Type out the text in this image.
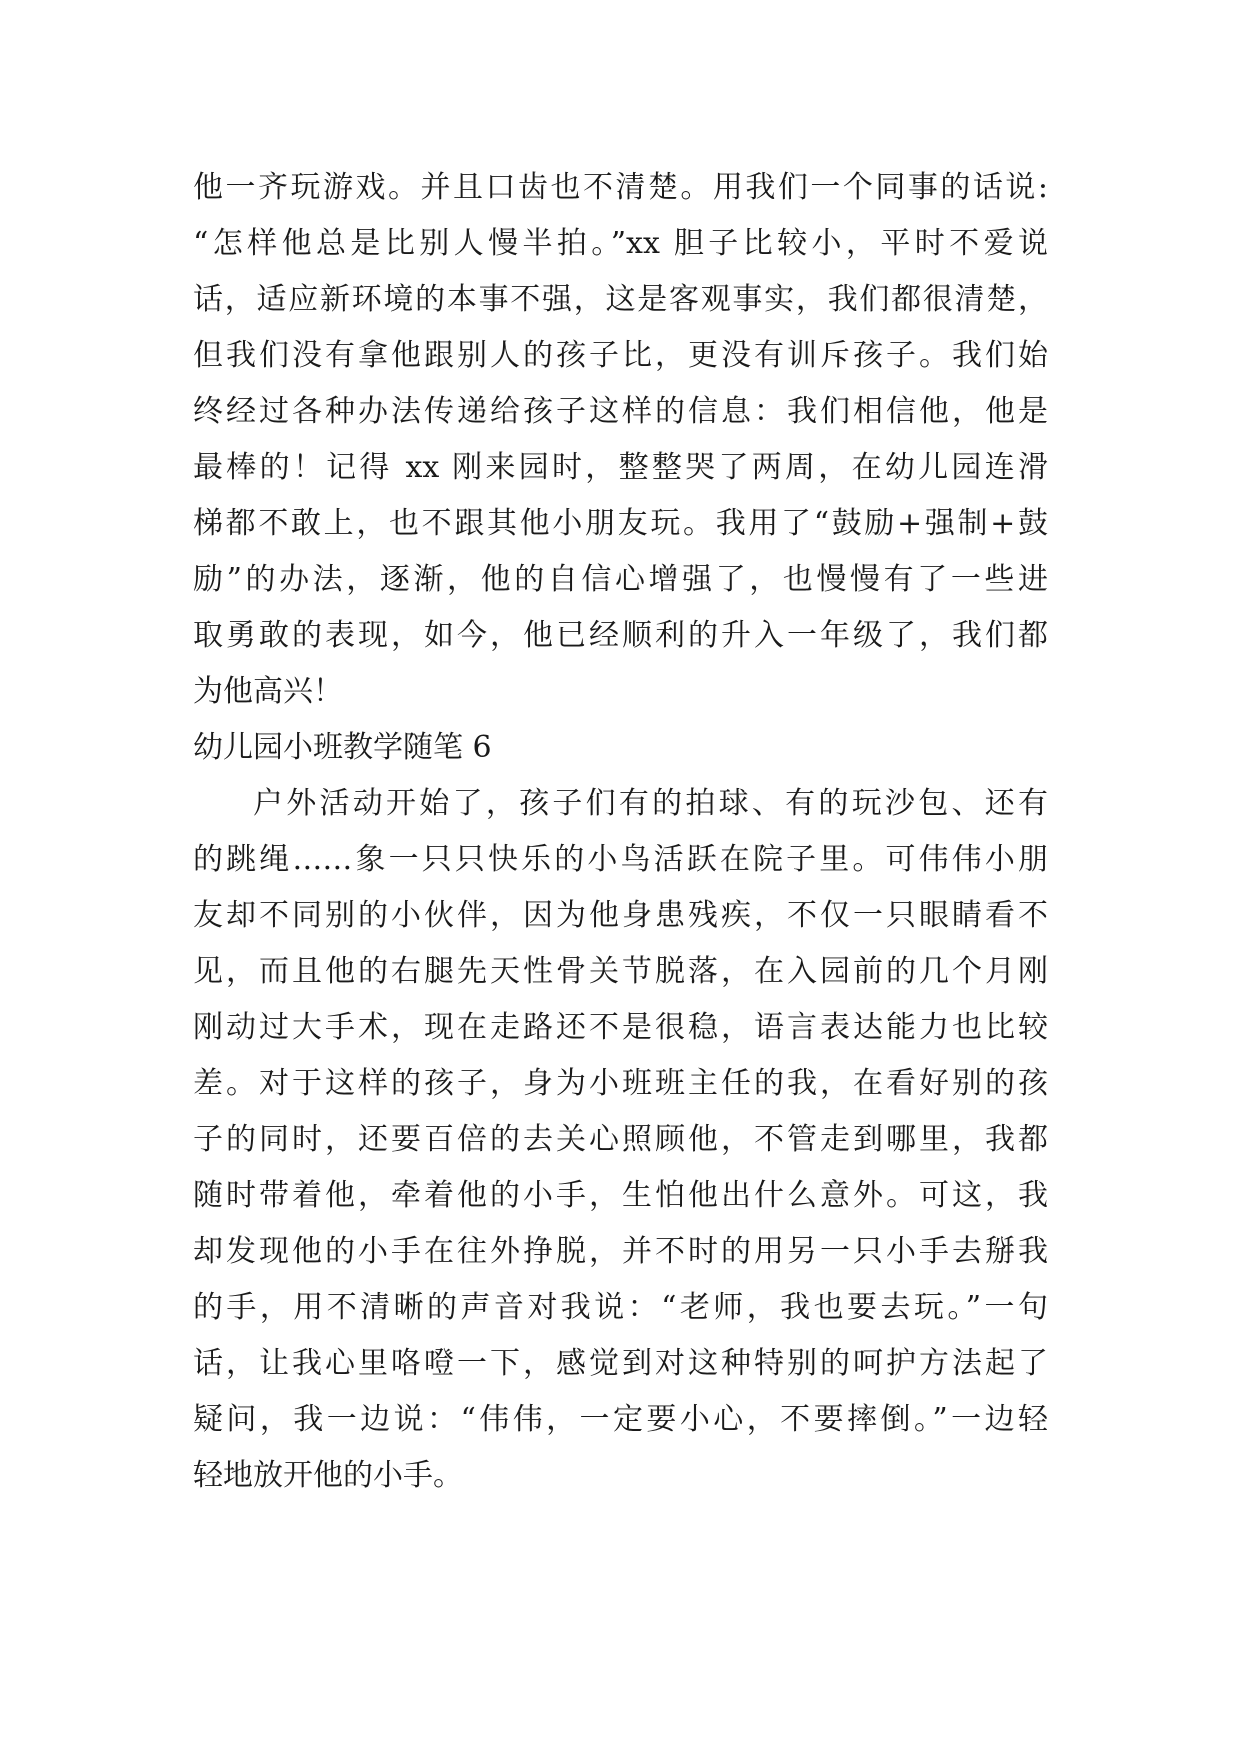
他一齐玩游戏。并且口齿也不清楚。用我们一个同事的话说:
“怎样他总是比别人慢半拍。”xx 胆子比较小，平时不爱说
话，适应新环境的本事不强，这是客观事实，我们都很清楚，
但我们没有拿他跟别人的孩子比，更没有训斥孩子。我们始
终经过各种办法传递给孩子这样的信息：我们相信他，他是
最棒的！记得 xx 刚来园时，整整哭了两周，在幼儿园连滑
梯都不敢上，也不跟其他小朋友玩。我用了“鼓励+强制+鼓
励”的办法，逐渐，他的自信心增强了，也慢慢有了一些进
取勇敢的表现，如今，他已经顺利的升入一年级了，我们都
为他高兴！
幼儿园小班教学随笔 6
户外活动开始了，孩子们有的拍球、有的玩沙包、还有
的跳绳……象一只只快乐的小鸟活跃在院子里。可伟伟小朋
友却不同别的小伙伴，因为他身患残疾，不仅一只眼睛看不
见，而且他的右腿先天性骨关节脱落，在入园前的几个月刚
刚动过大手术，现在走路还不是很稳，语言表达能力也比较
差。对于这样的孩子，身为小班班主任的我，在看好别的孩
子的同时，还要百倍的去关心照顾他，不管走到哪里，我都
随时带着他，牵着他的小手，生怕他出什么意外。可这，我
却发现他的小手在往外挣脱，并不时的用另一只小手去掰我
的手，用不清晰的声音对我说：“老师，我也要去玩。”一句
话，让我心里咯噔一下，感觉到对这种特别的呵护方法起了
疑问，我一边说：“伟伟，一定要小心，不要摔倒。”一边轻
轻地放开他的小手。
